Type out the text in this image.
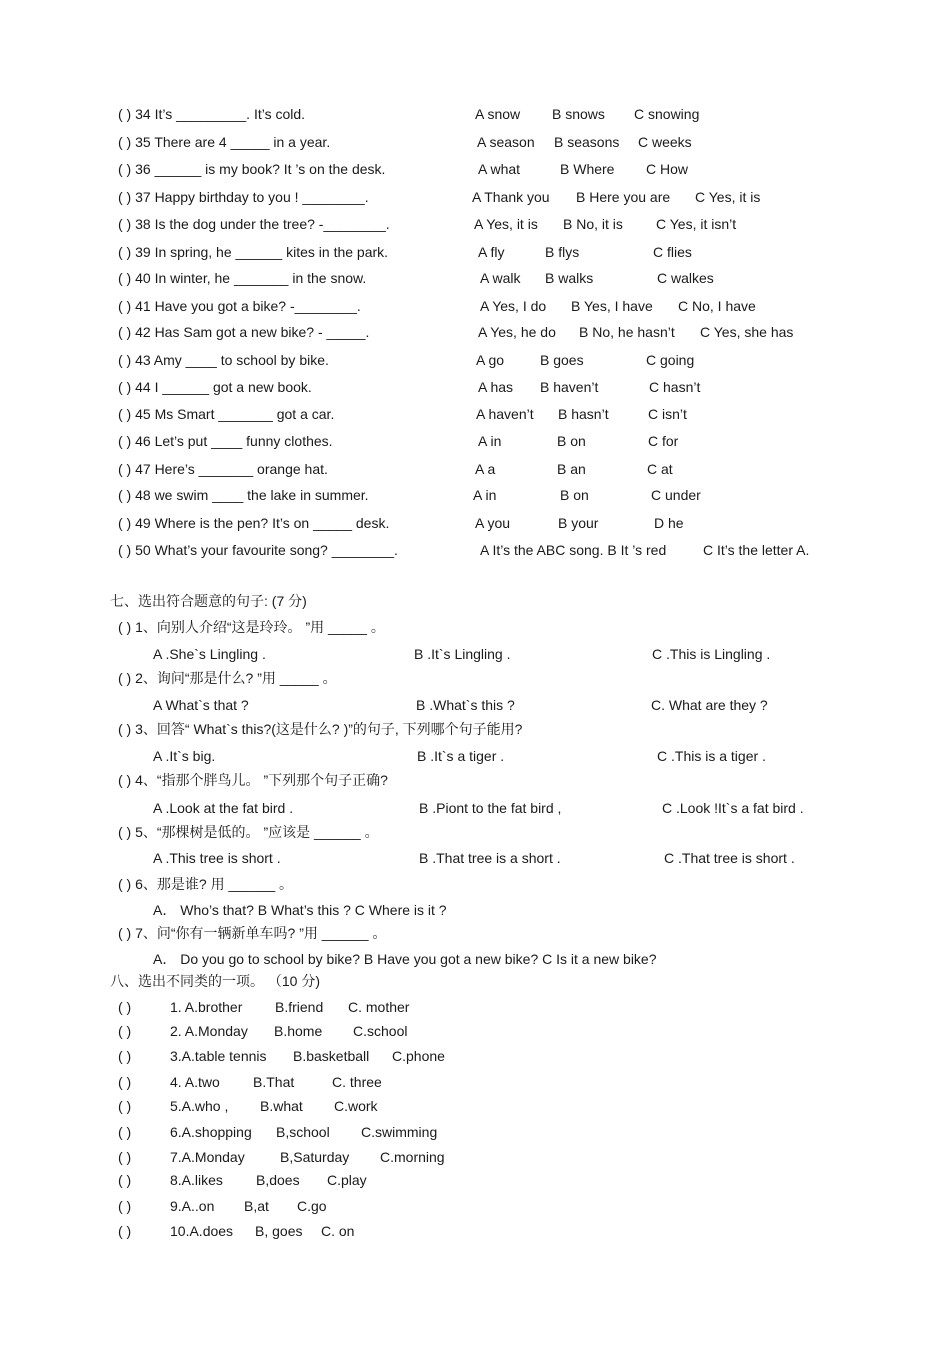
( ) 34 It’s _________. It’s cold.	A snow B snows C snowing
( ) 35 There are 4 _____ in a year.	A season B seasons C weeks
( ) 36 ______ is my book? It ’s on the desk.	A what	B Where C How
( ) 37 Happy birthday to you ! ________.	A Thank you B Here you are C Yes, it is
( ) 38 Is the dog under the tree? -________.	A Yes, it is B No, it is C Yes, it isn’t
( ) 39 In spring, he ______ kites in the park.	A fly	B flys	C flies
( ) 40 In winter, he _______ in the snow.	A walk B walks	C walkes
( ) 41 Have you got a bike? -________.	A Yes, I do B Yes, I have C No, I have
( ) 42 Has Sam got a new bike? - _____.	A Yes, he do B No, he hasn’t C Yes, she has
( ) 43 Amy ____ to school by bike.	A go	B goes	C going
( ) 44 I ______ got a new book.	A has B haven’t	C hasn’t
( ) 45 Ms Smart _______ got a car.	A haven’t B hasn’t	C isn’t
( ) 46 Let’s put ____ funny clothes.	A in	B on	C for
( ) 47 Here’s _______ orange hat.	A a	B an	C at
( ) 48 we swim ____ the lake in summer.	A in	B on	C under
( ) 49 Where is the pen? It’s on _____ desk.	A you	B your	D he
( ) 50 What’s your favourite song? ________.	A It’s the ABC song. B It ’s red	C It’s the letter A.
七、选出符合题意的句子: (7 分)
( ) 1、向别人介绍“这是玲玲。 ”用 _____ 。
A .She`s Lingling .	B .It`s Lingling .	C .This is Lingling .
( ) 2、询问“那是什么? ”用 _____ 。
A What`s that ?	B .What`s this ?	C. What are they ?
( ) 3、回答“ What`s this?(这是什么? )”的句子, 下列哪个句子能用?
A .It`s big.	B .It`s a tiger .	C .This is a tiger .
( ) 4、“指那个胖鸟儿。 ”下列那个句子正确?
A .Look at the fat bird .	B .Piont to the fat bird ,	C .Look !It`s a fat bird .
( ) 5、“那棵树是低的。 ”应该是 ______ 。
A .This tree is short .	B .That tree is a short .	C .That tree is short .
( ) 6、那是谁? 用 ______ 。
A． Who’s that? B What’s this ? C Where is it ?
( ) 7、问“你有一辆新单车吗? ”用 ______ 。
A． Do you go to school by bike? B Have you got a new bike? C Is it a new bike?
八、选出不同类的一项。 （10 分)
( )	1. A.brother B.friend C. mother
( )	2. A.Monday B.home C.school
( )	3.A.table tennis B.basketball C.phone
( )	4. A.two B.That	C. three
( )	5.A.who , B.what C.work
( )	6.A.shopping B,school C.swimming
( )	7.A.Monday	B,Saturday C.morning
( )	8.A.likes B,does C.play
( )	9.A..on B,at C.go
( )	10.A.does B, goes C. on
